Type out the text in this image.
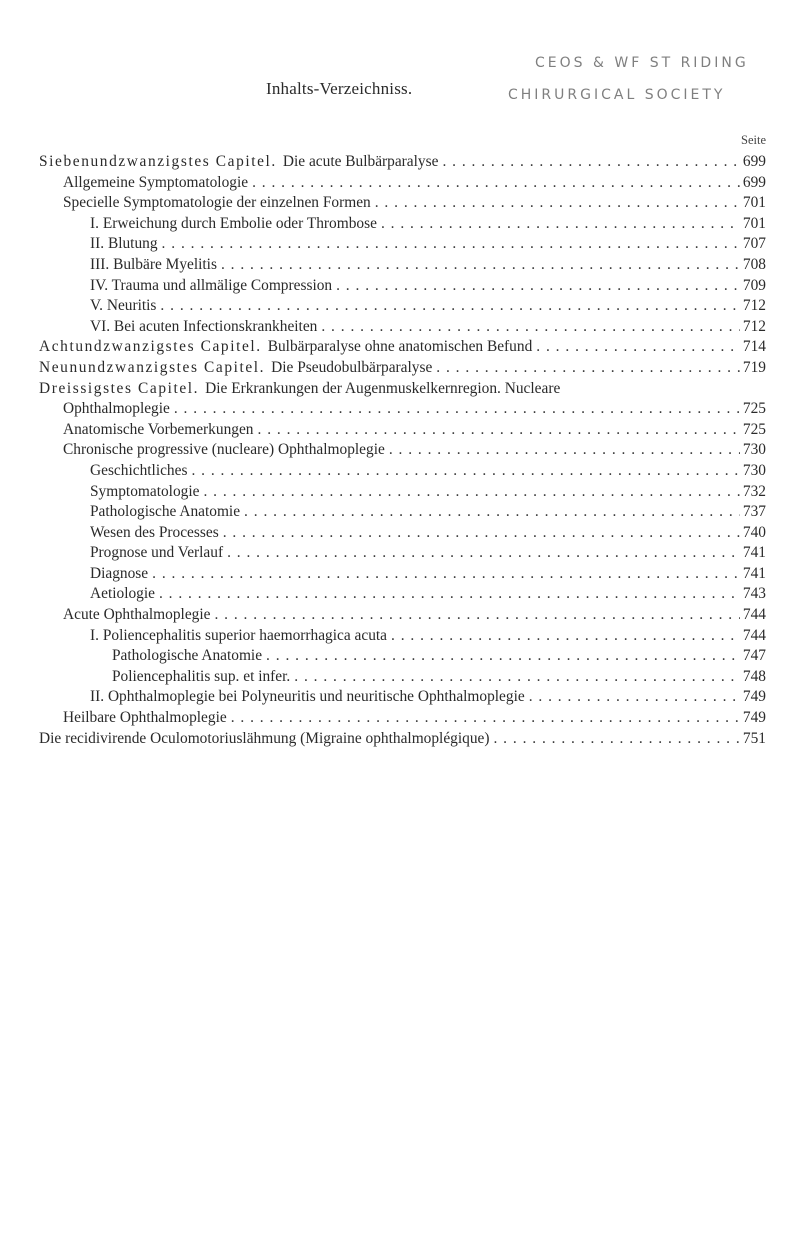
Inhalts-Verzeichniss.
CEOS & WF ST RIDING
CHIRURGICAL SOCIETY
Seite
Siebenundzwanzigstes Capitel. Die acute Bulbärparalyse . . .	699
Allgemeine Symptomatologie . . .	699
Specielle Symptomatologie der einzelnen Formen . . .	701
I. Erweichung durch Embolie oder Thrombose . . .	701
II. Blutung . . .	707
III. Bulbäre Myelitis . . .	708
IV. Trauma und allmälige Compression . . .	709
V. Neuritis . . .	712
VI. Bei acuten Infectionskrankheiten . . .	712
Achtundzwanzigstes Capitel. Bulbärparalyse ohne anatomischen Befund . . .	714
Neunundzwanzigstes Capitel. Die Pseudobulbärparalyse . . .	719
Dreissigstes Capitel. Die Erkrankungen der Augenmuskelkernregion. Nucleare
Ophthalmoplegie . . .	725
Anatomische Vorbemerkungen . . .	725
Chronische progressive (nucleare) Ophthalmoplegie . . .	730
Geschichtliches . . .	730
Symptomatologie . . .	732
Pathologische Anatomie . . .	737
Wesen des Processes . . .	740
Prognose und Verlauf . . .	741
Diagnose . . .	741
Aetiologie . . .	743
Acute Ophthalmoplegie . . .	744
I. Poliencephalitis superior haemorrhagica acuta . . .	744
Pathologische Anatomie . . .	747
Poliencephalitis sup. et infer. . . .	748
II. Ophthalmoplegie bei Polyneuritis und neuritische Ophthalmoplegie . . .	749
Heilbare Ophthalmoplegie . . .	749
Die recidivirende Oculomotoriuslähmung (Migraine ophthalmoplégique) . . .	751
